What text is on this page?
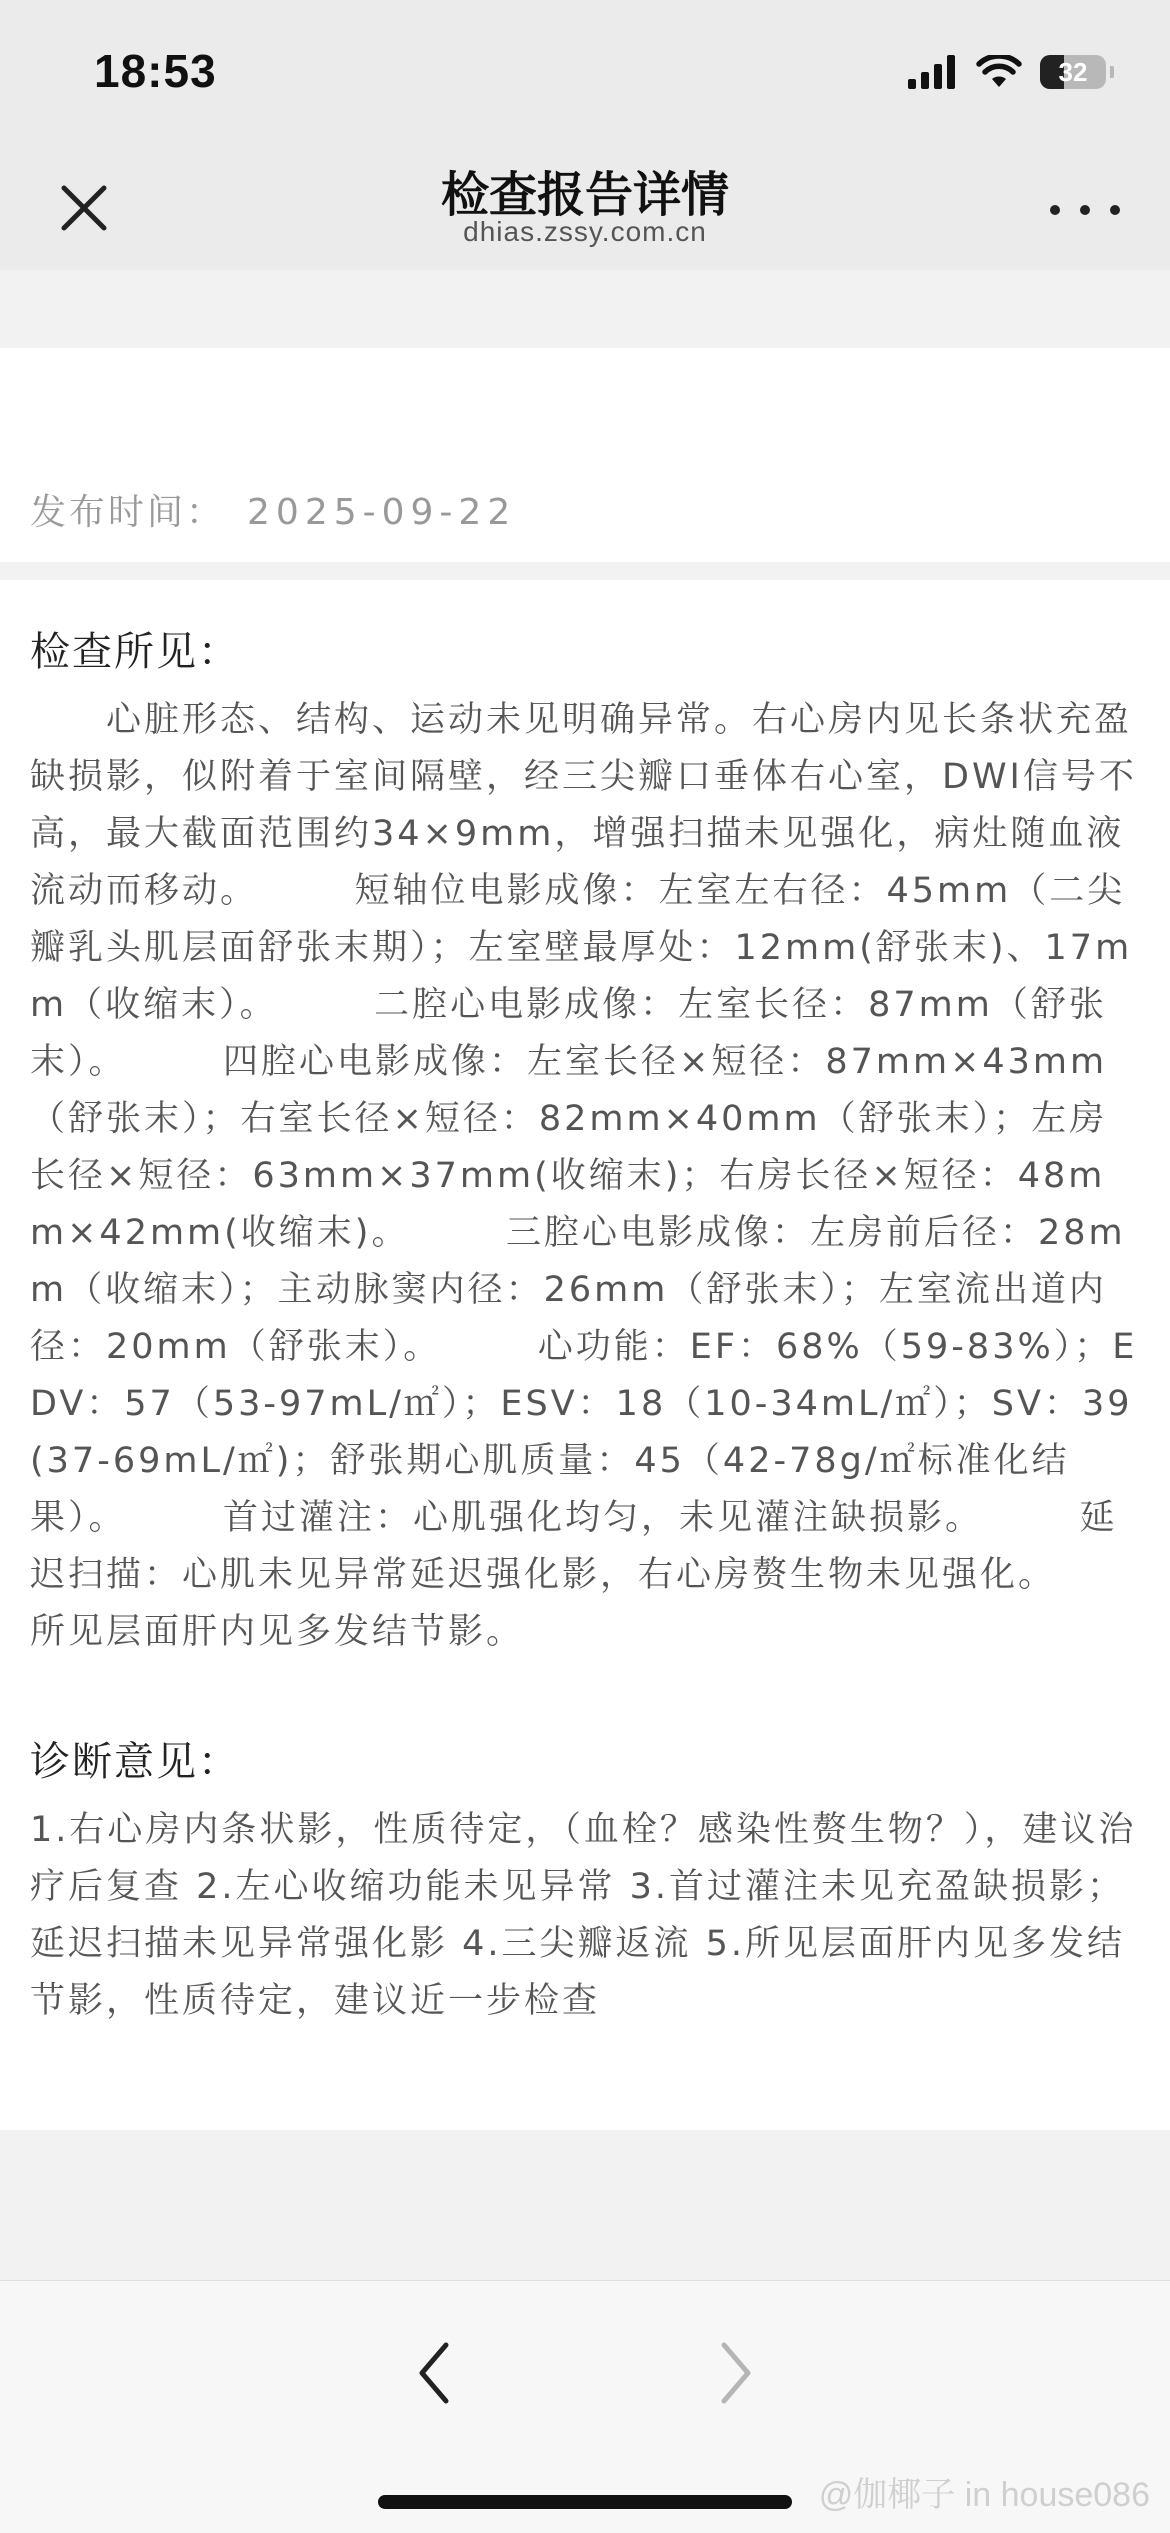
18:53	32
检查报告详情
dhias.zssy.com.cn
发布时间： 2025-09-22
检查所见：
　　心脏形态、结构、运动未见明确异常。右心房内见长条状充盈缺损影，似附着于室间隔壁，经三尖瓣口垂体右心室，DWI信号不高，最大截面范围约34×9mm，增强扫描未见强化，病灶随血液流动而移动。　　　短轴位电影成像：左室左右径：45mm（二尖瓣乳头肌层面舒张末期）；左室壁最厚处：12mm(舒张末)、17mm（收缩末）。　　　二腔心电影成像：左室长径：87mm（舒张末）。　　　四腔心电影成像：左室长径×短径：87mm×43mm（舒张末）；右室长径×短径：82mm×40mm（舒张末）；左房长径×短径：63mm×37mm(收缩末)；右房长径×短径：48mm×42mm(收缩末)。　　　三腔心电影成像：左房前后径：28mm（收缩末）；主动脉窦内径：26mm（舒张末）；左室流出道内径：20mm（舒张末）。　　　心功能：EF：68%（59-83%）；EDV：57（53-97mL/㎡）；ESV：18（10-34mL/㎡）；SV：39(37-69mL/㎡)；舒张期心肌质量：45（42-78g/㎡标准化结果）。　　　首过灌注：心肌强化均匀，未见灌注缺损影。　　　延迟扫描：心肌未见异常延迟强化影，右心房赘生物未见强化。　　　所见层面肝内见多发结节影。
诊断意见：
1.右心房内条状影，性质待定，（血栓？感染性赘生物？），建议治疗后复查 2.左心收缩功能未见异常 3.首过灌注未见充盈缺损影；延迟扫描未见异常强化影 4.三尖瓣返流 5.所见层面肝内见多发结节影，性质待定，建议近一步检查
@伽椰子 in house086
